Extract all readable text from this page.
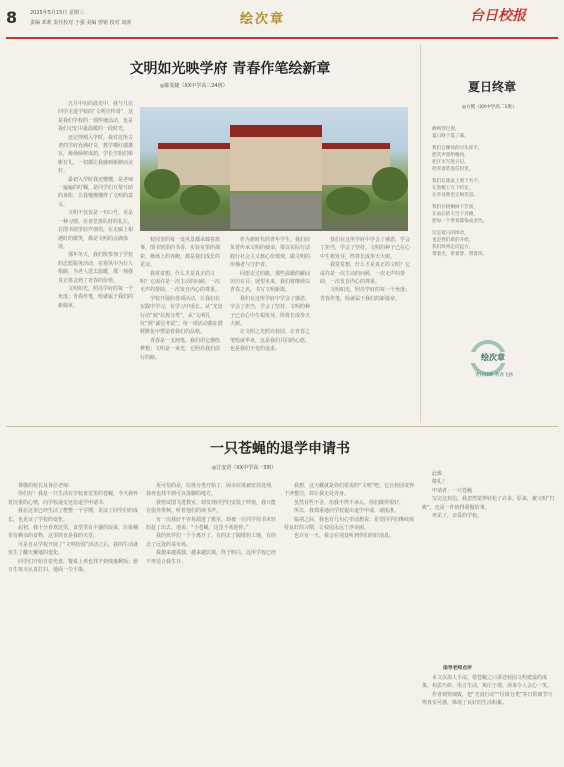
8	2025年5月15日 星期三
责编 邓莉 责任校对 于强 美编 曾铭 校对 刘涛	绘次章	台日校报
文明如光映学府 青春作笔绘新章
◎陈雯婕（XX中学高三24班）

五月中旬的晨光中，我与几位同学走进学校的“文明宣传周”，这是我们学校的一项传统活动，也是我们记忆中最温暖的一段时光。

还记得刚入学时，我对这所古老的学府充满好奇，教学楼红墙黛瓦，操场绿树成荫，学长学姐们彬彬有礼，一切都让我感到新鲜而美好。

最初入学时我还懵懂，是老师一遍遍的叮嘱，是同学们互帮互助的身影，让我慢慢懂得了文明的意义。

文明不仅仅是一句口号，更是一种习惯。在食堂排队时的礼让，在图书馆里轻声细语，在走廊上相遇时的微笑，都是文明的点滴体现。

那年冬天，我们班参加了学校的志愿服务活动，在寒风中为行人指路，为老人送去温暖，那一刻我真正体会到了青春的价值。

文明如光，照亮学府的每一个角落；青春作笔，绘就属于我们的新篇章。

校园里的每一处风景都承载着故事，图书馆里的书香，实验室里的探索，操场上的奔跑，都是我们成长的见证。

我常常想，什么才是真正的文明？它或许是一次主动的问候，一次无声的帮助，一次发自内心的尊重。

学校开展的各项活动，让我们在实践中学习，在学习中成长。从“光盘行动”到“垃圾分类”，从“文明礼仪”到“诚信考试”，每一项活动都在潜移默化中塑造着我们的品格。

青春是一支画笔，我们用它描绘梦想；文明是一束光，它照亮我们前行的路。

作为新时代的青年学生，我们肩负着传承文明的使命，要以实际行动践行社会主义核心价值观，做文明的传播者与守护者。

回望走过的路，那些温暖的瞬间历历在目；展望未来，我们将继续以青春之名，书写文明新篇。

我们在这所学府中学会了感恩，学会了担当，学会了坚持。文明的种子已在心中生根发芽，终将长成参天大树。

让文明之光照亮校园，让青春之笔绘就华章，这是我们共同的心愿，也是我们不变的追求。

我们在这所学府中学会了感恩，学会了担当，学会了坚持。文明的种子已在心中生根发芽，终将长成参天大树。

我常常想，什么才是真正的文明？它或许是一次主动的问候，一次无声的帮助，一次发自内心的尊重。

文明如光，照亮学府的每一个角落；青春作笔，绘就属于我们的新篇章。

夏日终章
◎方熙（XX中学高二1班）
蝉鸣穿过窗，
夏日终于落了幕。
我们在操场的尽头挥手，
把笑声留给晚风，
把汗水写进日记，
把青春装进信封里。
我们在课桌上刻下名字，
在黑板上写下约定，
在毕业照里定格笑容。
我们在梧桐树下告别，
在雨后的天空下奔跑，
把每一个黄昏都染成金色。
这是夏日的终章，
也是我们新的开始。
我们终将走向远方，
带着光，带着梦，带着你。
绘次章
青日抒怀 青春飞扬
一只苍蝇的退学申请书
◎江安语（XX中学高一3班）

尊敬的校长及各位老师：

你们好！我是一只生活在学校食堂里的苍蝇，今天我怀着沉重的心情，向学校递交这份退学申请书。

我在这里已经生活了整整一个学期，见证了同学们的成长，也见证了学校的变化。

起初，我十分喜欢这里，食堂里有丰盛的饭菜，垃圾桶里有剩余的食物，这里简直是我的天堂。

可是自从学校开展了“文明校园”活动之后，我的生活就发生了翻天覆地的变化。

同学们开始自觉光盘，餐桌上再也找不到残羹剩饭；值日生每天认真打扫，地面一尘不染。

更可怕的是，垃圾分类开始了，厨余垃圾被密封处理，我再也找不到可以落脚的地方。

我曾试图飞进教室，却发现同学们安装了纱窗，我只能在窗外徘徊，听着他们的读书声。

有一次我好不容易溜进了教室，却被一位同学用书本轻轻赶了出去，他说：“小苍蝇，这里不欢迎你。”

我的伙伴们一个个离开了，有的去了隔壁的工地，有的去了远处的菜市场。

我越来越孤独，越来越饥饿，终于明白，这所学校已经不再适合我生存。

我想，这大概就是你们常说的“文明”吧。它让校园变得干净整洁，却让我无处容身。

虽然有些不舍，但我不得不承认，你们做得很好。

所以，我郑重地向学校提出退学申请，请批准。

临别之际，我也有几句心里话想说：希望同学们继续保持良好的习惯，让校园永远干净美丽。

也许有一天，我会在别处听到你们的好消息。

此致

敬礼！

申请者：一只苍蝇

写完这封信，我忽然觉得轻松了许多。原来，被文明“打败”，也是一件值得骄傲的事。

再见了，亲爱的学校。

指导老师点评

本文以拟人手法，借苍蝇之口讲述校园文明建设的成果，构思巧妙，语言生动，寓庄于谐，读来令人会心一笑。

作者观察细致，把“光盘行动”“垃圾分类”等日常细节写得真实可感，体现了良好的生活积累。
